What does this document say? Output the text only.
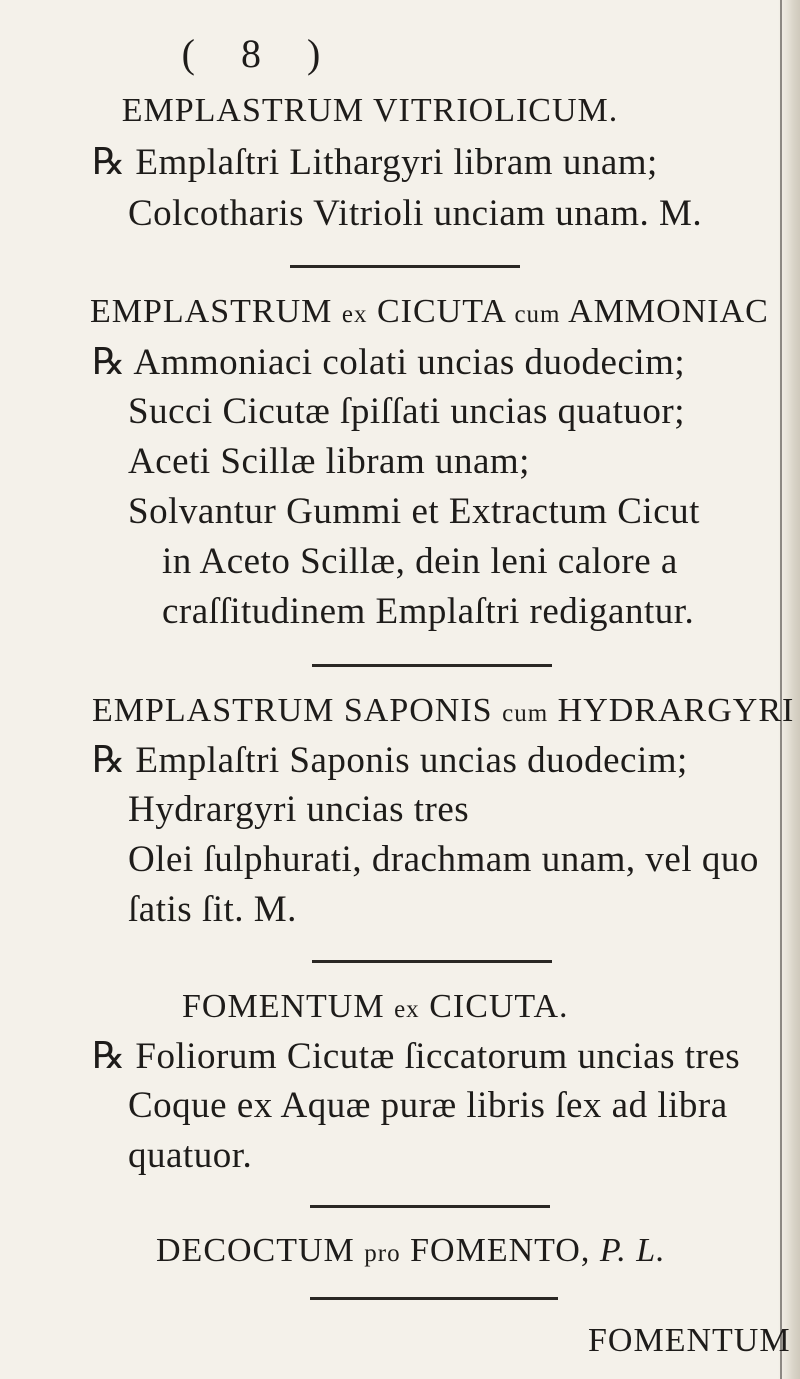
( 8 )
EMPLASTRUM VITRIOLICUM.
℞ Emplaſtri Lithargyri libram unam;
Colcotharis Vitrioli unciam unam. M.
EMPLASTRUM ex CICUTA cum AMMONIAC
℞ Ammoniaci colati uncias duodecim;
Succi Cicutæ ſpiſſati uncias quatuor;
Aceti Scillæ libram unam;
Solvantur Gummi et Extractum Cicut
in Aceto Scillæ, dein leni calore a
craſſitudinem Emplaſtri redigantur.
EMPLASTRUM SAPONIS cum HYDRARGYRI
℞ Emplaſtri Saponis uncias duodecim;
Hydrargyri uncias tres
Olei ſulphurati, drachmam unam, vel quo
ſatis ſit. M.
FOMENTUM ex CICUTA.
℞ Foliorum Cicutæ ſiccatorum uncias tres
Coque ex Aquæ puræ libris ſex ad libra
quatuor.
DECOCTUM pro FOMENTO, P. L.
FOMENTUM
